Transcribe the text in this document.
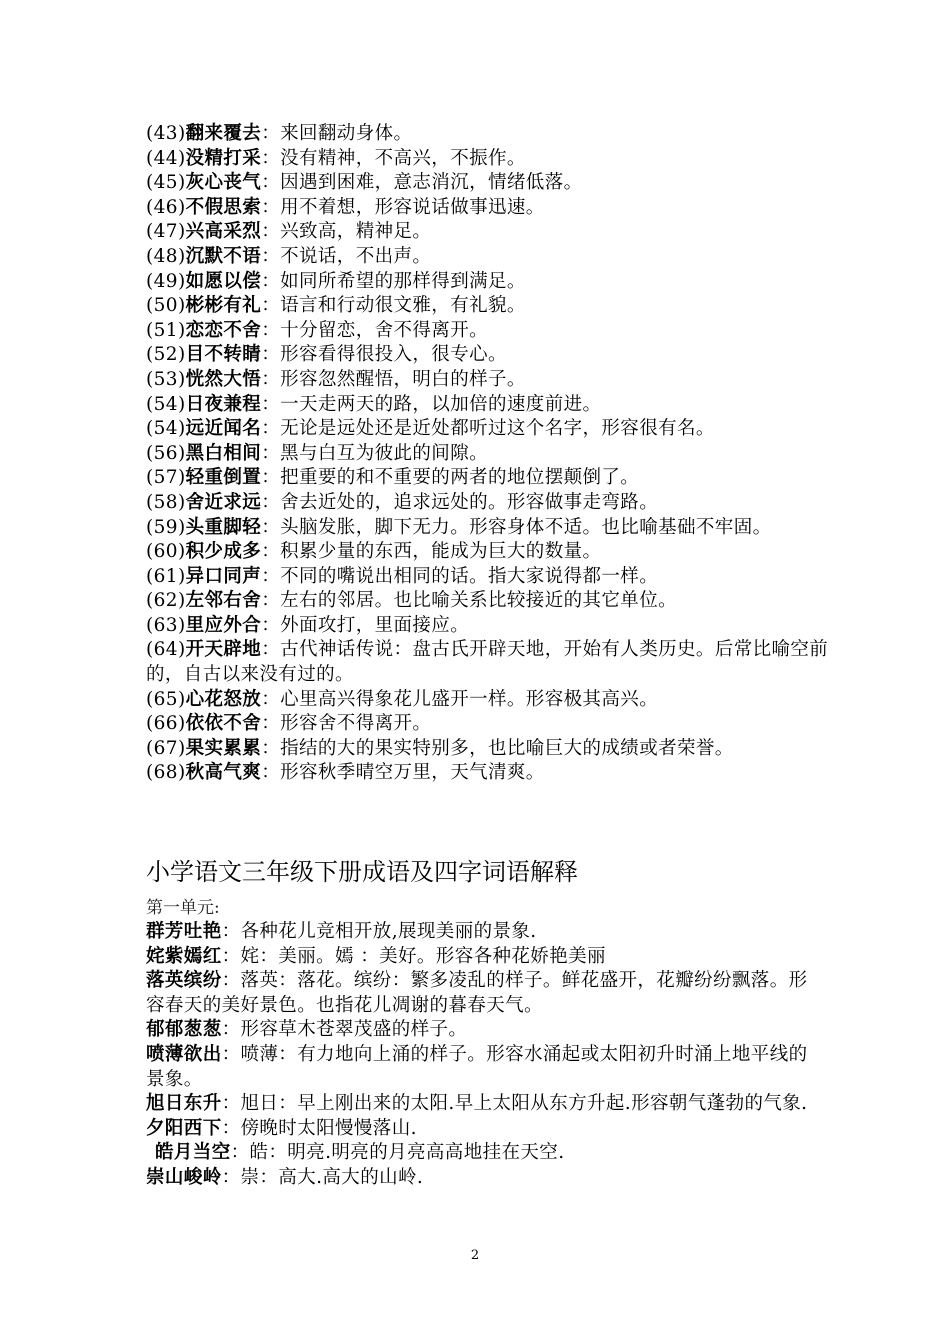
(43)翻来覆去：来回翻动身体。
(44)没精打采：没有精神，不高兴，不振作。
(45)灰心丧气：因遇到困难，意志消沉，情绪低落。
(46)不假思索：用不着想，形容说话做事迅速。
(47)兴高采烈：兴致高，精神足。
(48)沉默不语：不说话，不出声。
(49)如愿以偿：如同所希望的那样得到满足。
(50)彬彬有礼：语言和行动很文雅，有礼貌。
(51)恋恋不舍：十分留恋，舍不得离开。
(52)目不转睛：形容看得很投入，很专心。
(53)恍然大悟：形容忽然醒悟，明白的样子。
(54)日夜兼程：一天走两天的路，以加倍的速度前进。
(54)远近闻名：无论是远处还是近处都听过这个名字，形容很有名。
(56)黑白相间：黑与白互为彼此的间隙。
(57)轻重倒置：把重要的和不重要的两者的地位摆颠倒了。
(58)舍近求远：舍去近处的，追求远处的。形容做事走弯路。
(59)头重脚轻：头脑发胀，脚下无力。形容身体不适。也比喻基础不牢固。
(60)积少成多：积累少量的东西，能成为巨大的数量。
(61)异口同声：不同的嘴说出相同的话。指大家说得都一样。
(62)左邻右舍：左右的邻居。也比喻关系比较接近的其它单位。
(63)里应外合：外面攻打，里面接应。
(64)开天辟地：古代神话传说：盘古氏开辟天地，开始有人类历史。后常比喻空前的，自古以来没有过的。
(65)心花怒放：心里高兴得象花儿盛开一样。形容极其高兴。
(66)依依不舍：形容舍不得离开。
(67)果实累累：指结的大的果实特别多，也比喻巨大的成绩或者荣誉。
(68)秋高气爽：形容秋季晴空万里，天气清爽。
小学语文三年级下册成语及四字词语解释
第一单元:
群芳吐艳：各种花儿竞相开放,展现美丽的景象.
姹紫嫣红：姹：美丽。嫣 ：美好。形容各种花娇艳美丽
落英缤纷：落英：落花。缤纷：繁多凌乱的样子。鲜花盛开，花瓣纷纷飘落。形容春天的美好景色。也指花儿凋谢的暮春天气。
郁郁葱葱：形容草木苍翠茂盛的样子。
喷薄欲出：喷薄：有力地向上涌的样子。形容水涌起或太阳初升时涌上地平线的景象。
旭日东升：旭日：早上刚出来的太阳.早上太阳从东方升起.形容朝气蓬勃的气象.
夕阳西下：傍晚时太阳慢慢落山.
皓月当空：皓：明亮.明亮的月亮高高地挂在天空.
崇山峻岭：崇：高大.高大的山岭.
2
